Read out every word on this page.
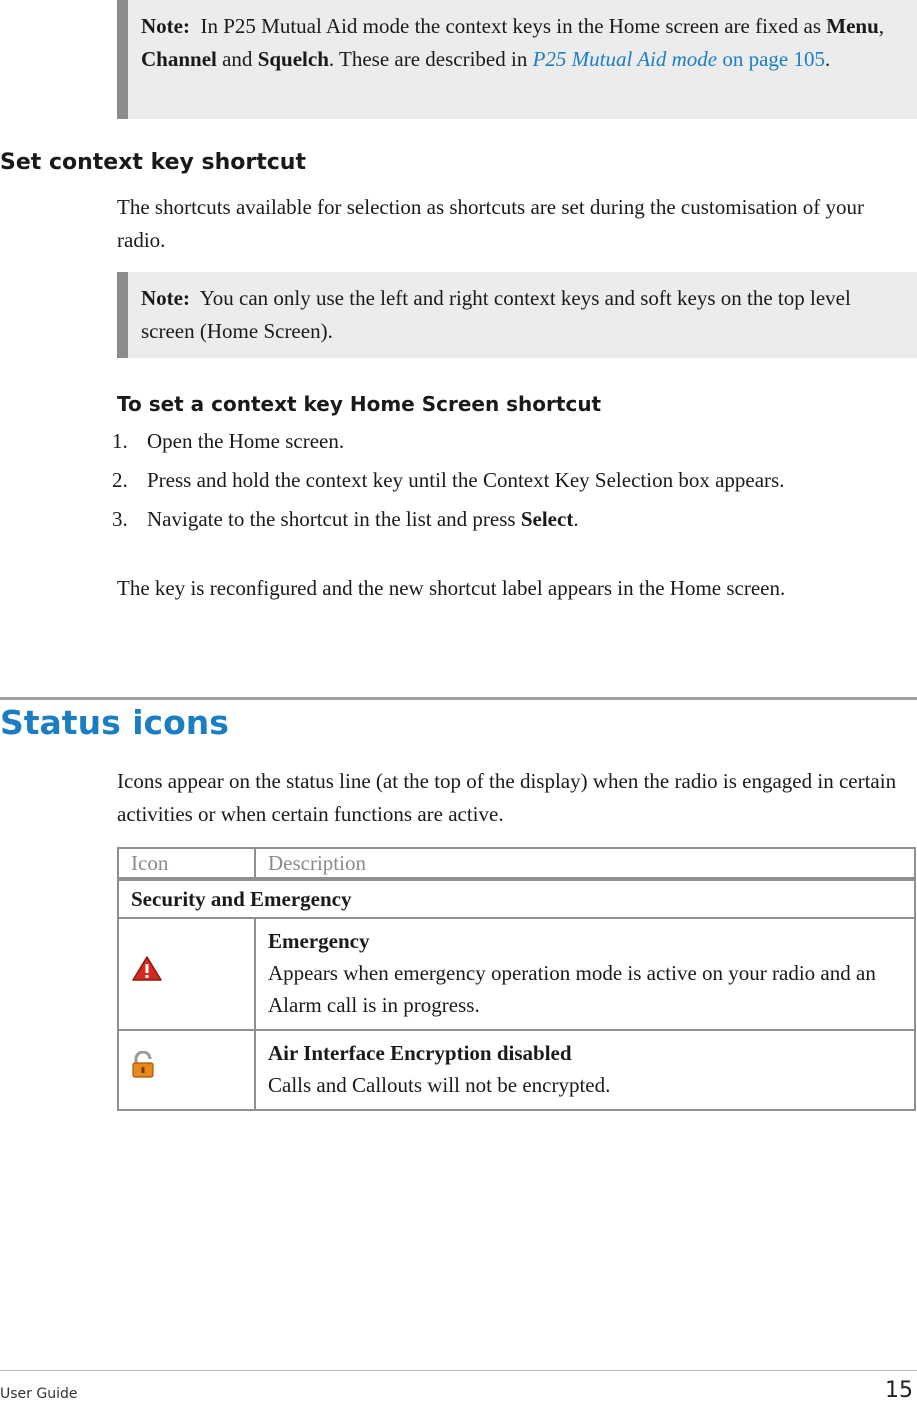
Note: In P25 Mutual Aid mode the context keys in the Home screen are fixed as Menu, Channel and Squelch. These are described in P25 Mutual Aid mode on page 105.
Set context key shortcut

The shortcuts available for selection as shortcuts are set during the customisation of your radio.

Note: You can only use the left and right context keys and soft keys on the top level screen (Home Screen).
To set a context key Home Screen shortcut
1. Open the Home screen.
2. Press and hold the context key until the Context Key Selection box appears.
3. Navigate to the shortcut in the list and press Select.

The key is reconfigured and the new shortcut label appears in the Home screen.

Status icons

Icons appear on the status line (at the top of the display) when the radio is engaged in certain activities or when certain functions are active.

Icon	Description
Security and Emergency	

Emergency
Appears when emergency operation mode is active on your radio and an Alarm call is in progress.

Air Interface Encryption disabled
Calls and Callouts will not be encrypted.
User Guide	15
